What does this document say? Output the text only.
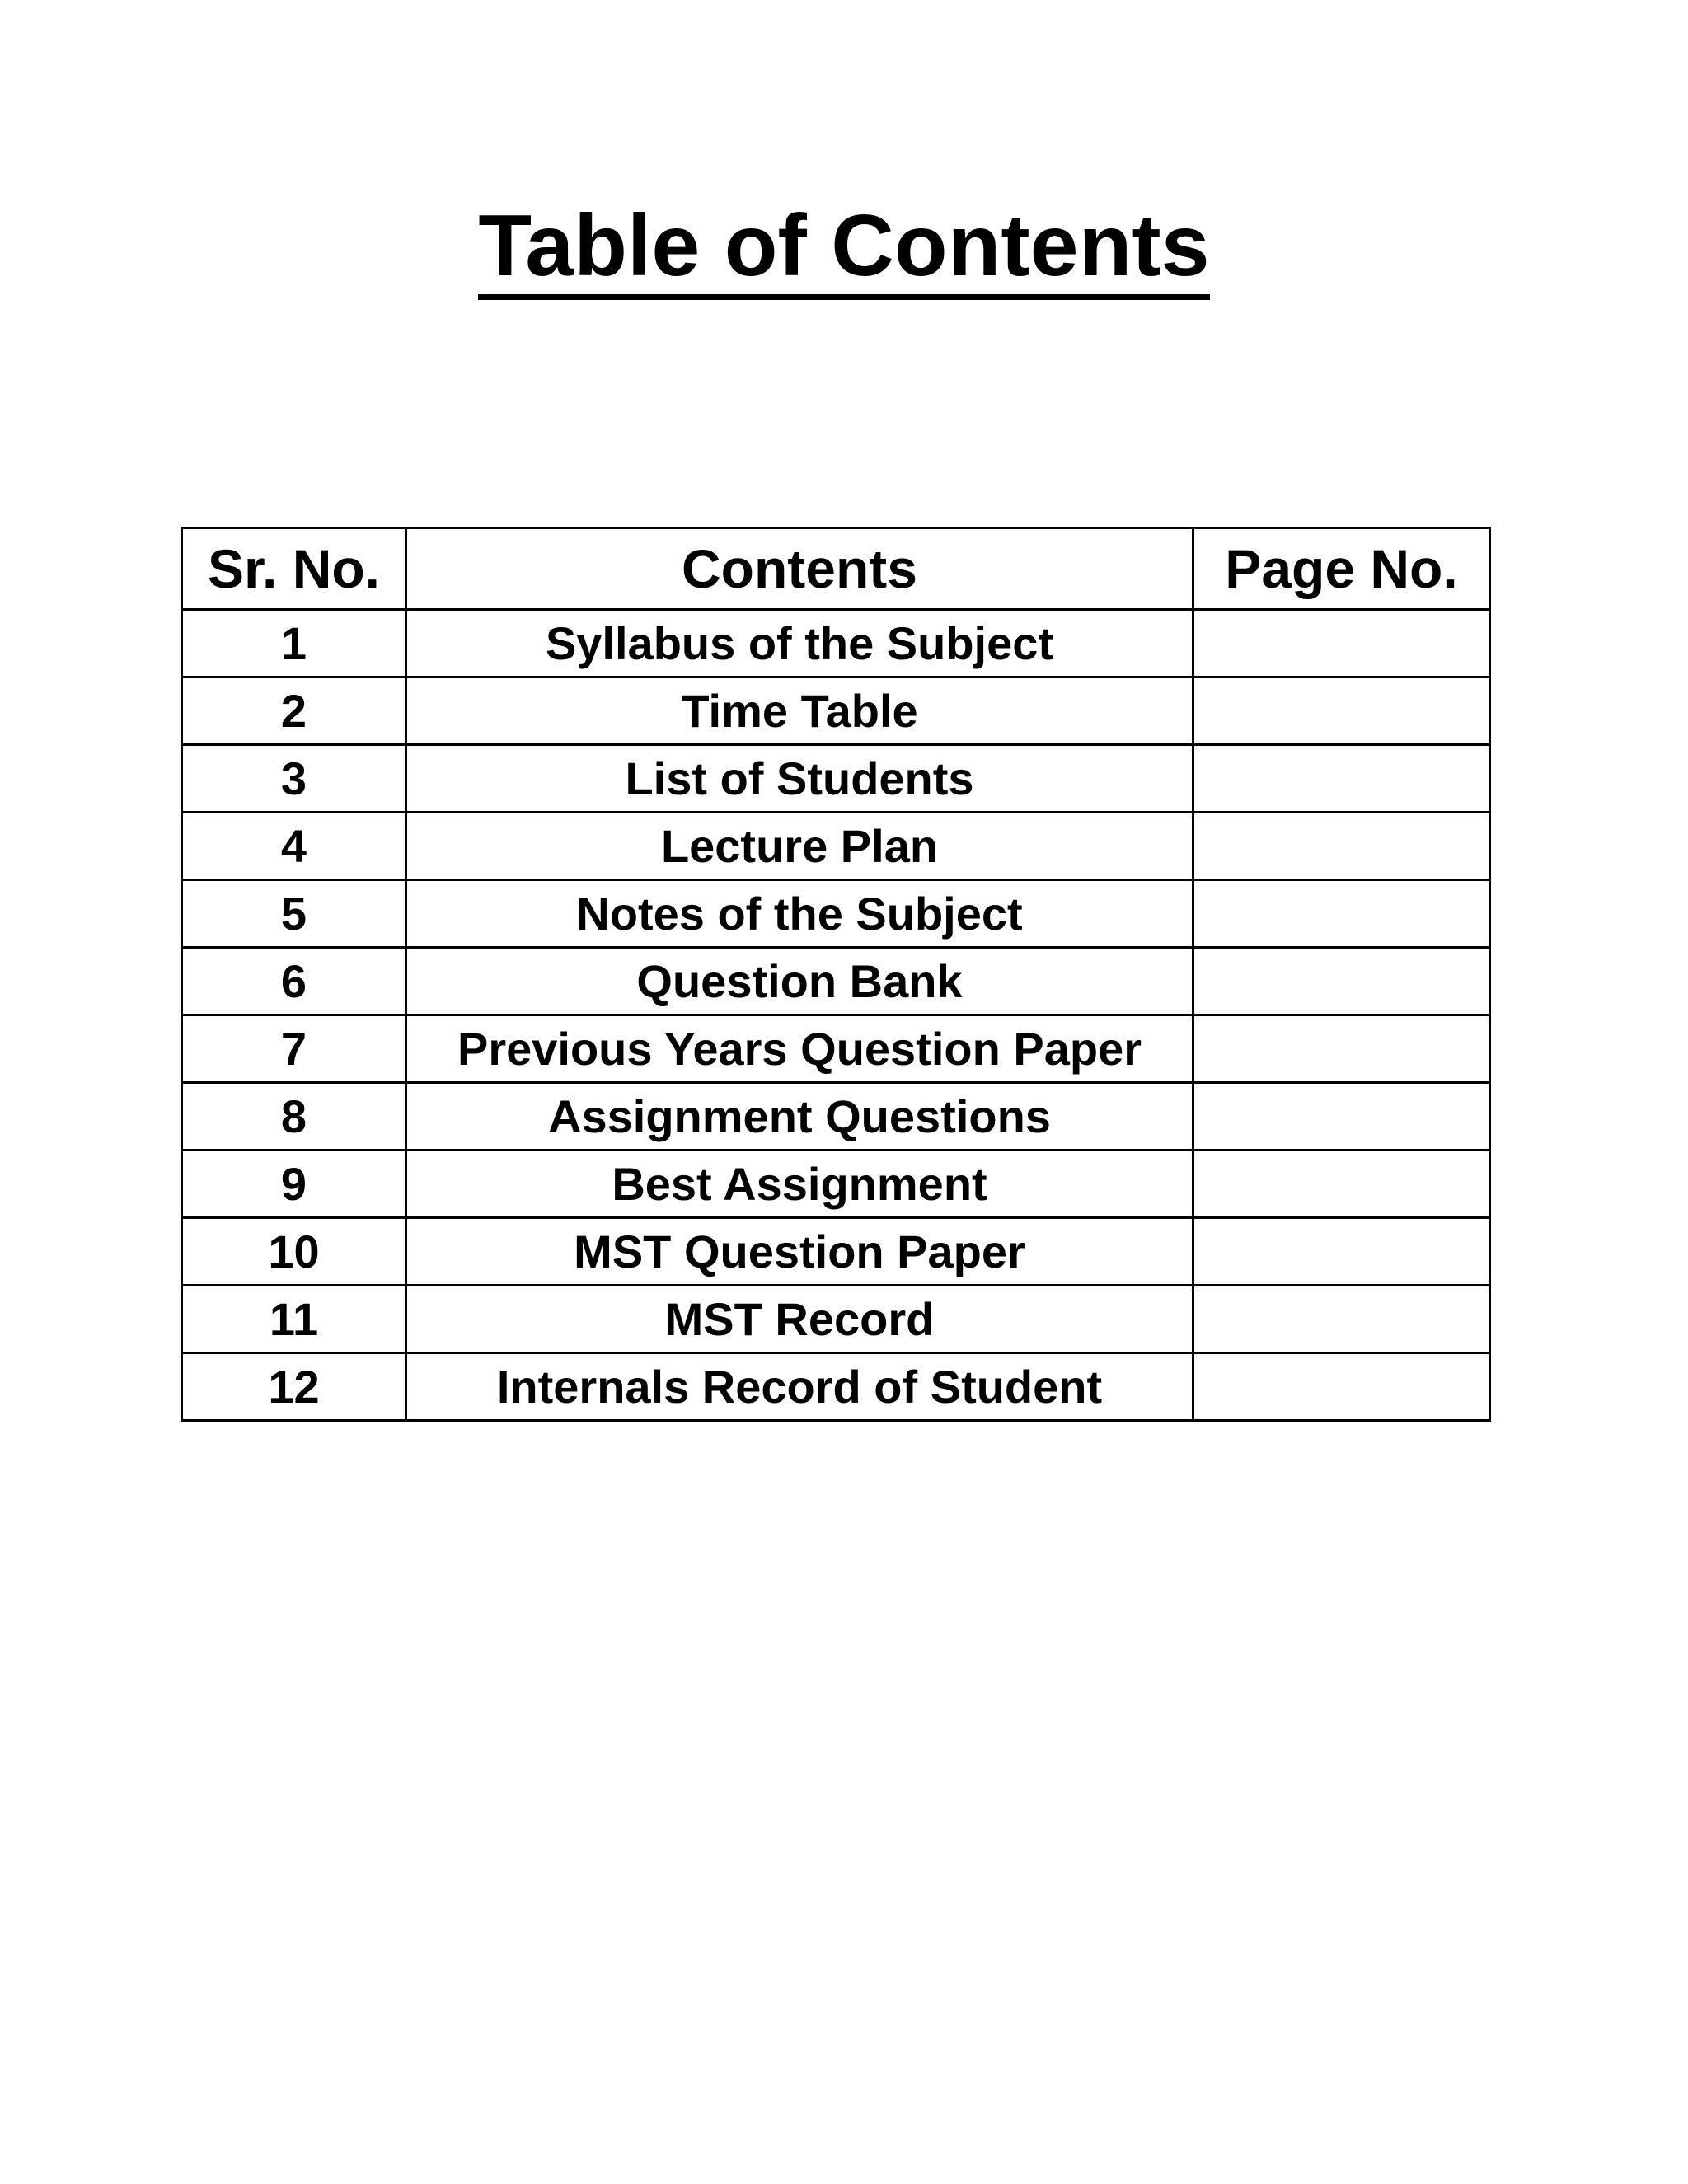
Table of Contents
Sr. No.	Contents	Page No.
1	Syllabus of the Subject	
2	Time Table	
3	List of Students	
4	Lecture Plan	
5	Notes of the Subject	
6	Question Bank	
7	Previous Years Question Paper	
8	Assignment Questions	
9	Best Assignment	
10	MST Question Paper	
11	MST Record	
12	Internals Record of Student	
